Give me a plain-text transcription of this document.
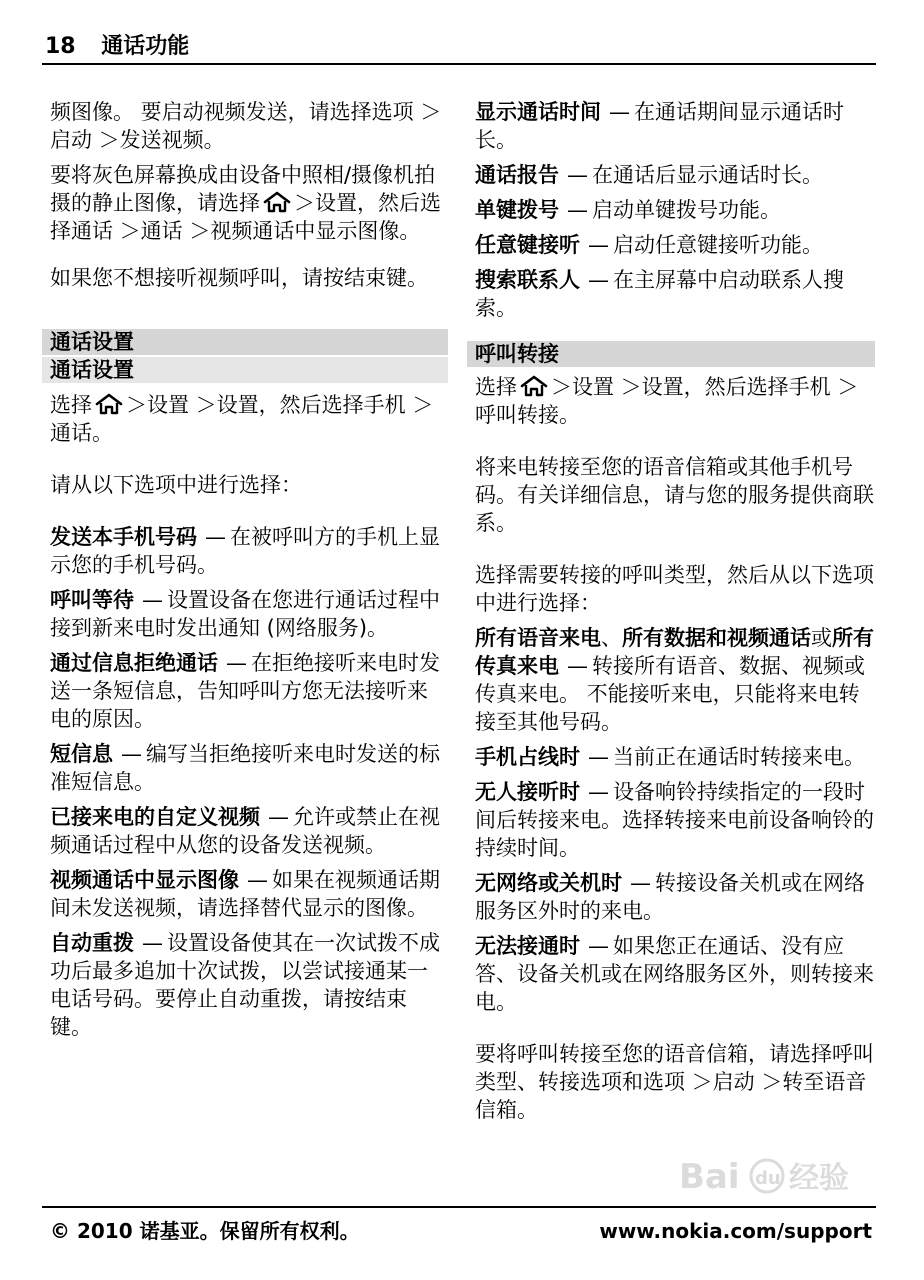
18 通话功能

频图像。 要启动视频发送，请选择选项 ＞启动 ＞发送视频。

要将灰色屏幕换成由设备中照相/摄像机拍摄的静止图像，请选择 ＞设置，然后选择通话 ＞通话 ＞视频通话中显示图像。

如果您不想接听视频呼叫，请按结束键。

通话设置
通话设置

选择 ＞设置 ＞设置，然后选择手机 ＞通话。

请从以下选项中进行选择：

发送本手机号码 — 在被呼叫方的手机上显示您的手机号码。

呼叫等待 — 设置设备在您进行通话过程中接到新来电时发出通知 (网络服务)。

通过信息拒绝通话 — 在拒绝接听来电时发送一条短信息，告知呼叫方您无法接听来电的原因。

短信息 — 编写当拒绝接听来电时发送的标准短信息。

已接来电的自定义视频 — 允许或禁止在视频通话过程中从您的设备发送视频。

视频通话中显示图像 — 如果在视频通话期间未发送视频，请选择替代显示的图像。

自动重拨 — 设置设备使其在一次试拨不成功后最多追加十次试拨，以尝试接通某一电话号码。要停止自动重拨，请按结束键。

显示通话时间 — 在通话期间显示通话时长。

通话报告 — 在通话后显示通话时长。

单键拨号 — 启动单键拨号功能。

任意键接听 — 启动任意键接听功能。

搜索联系人 — 在主屏幕中启动联系人搜索。

呼叫转接

选择 ＞设置 ＞设置，然后选择手机 ＞呼叫转接。

将来电转接至您的语音信箱或其他手机号码。有关详细信息，请与您的服务提供商联系。

选择需要转接的呼叫类型，然后从以下选项中进行选择：

所有语音来电、所有数据和视频通话或所有传真来电 — 转接所有语音、数据、视频或传真来电。 不能接听来电，只能将来电转接至其他号码。

手机占线时 — 当前正在通话时转接来电。

无人接听时 — 设备响铃持续指定的一段时间后转接来电。选择转接来电前设备响铃的持续时间。

无网络或关机时 — 转接设备关机或在网络服务区外时的来电。

无法接通时 — 如果您正在通话、没有应答、设备关机或在网络服务区外，则转接来电。

要将呼叫转接至您的语音信箱，请选择呼叫类型、转接选项和选项 ＞启动 ＞转至语音信箱。

Bai du 经验
© 2010 诺基亚。保留所有权利。	www.nokia.com/support
